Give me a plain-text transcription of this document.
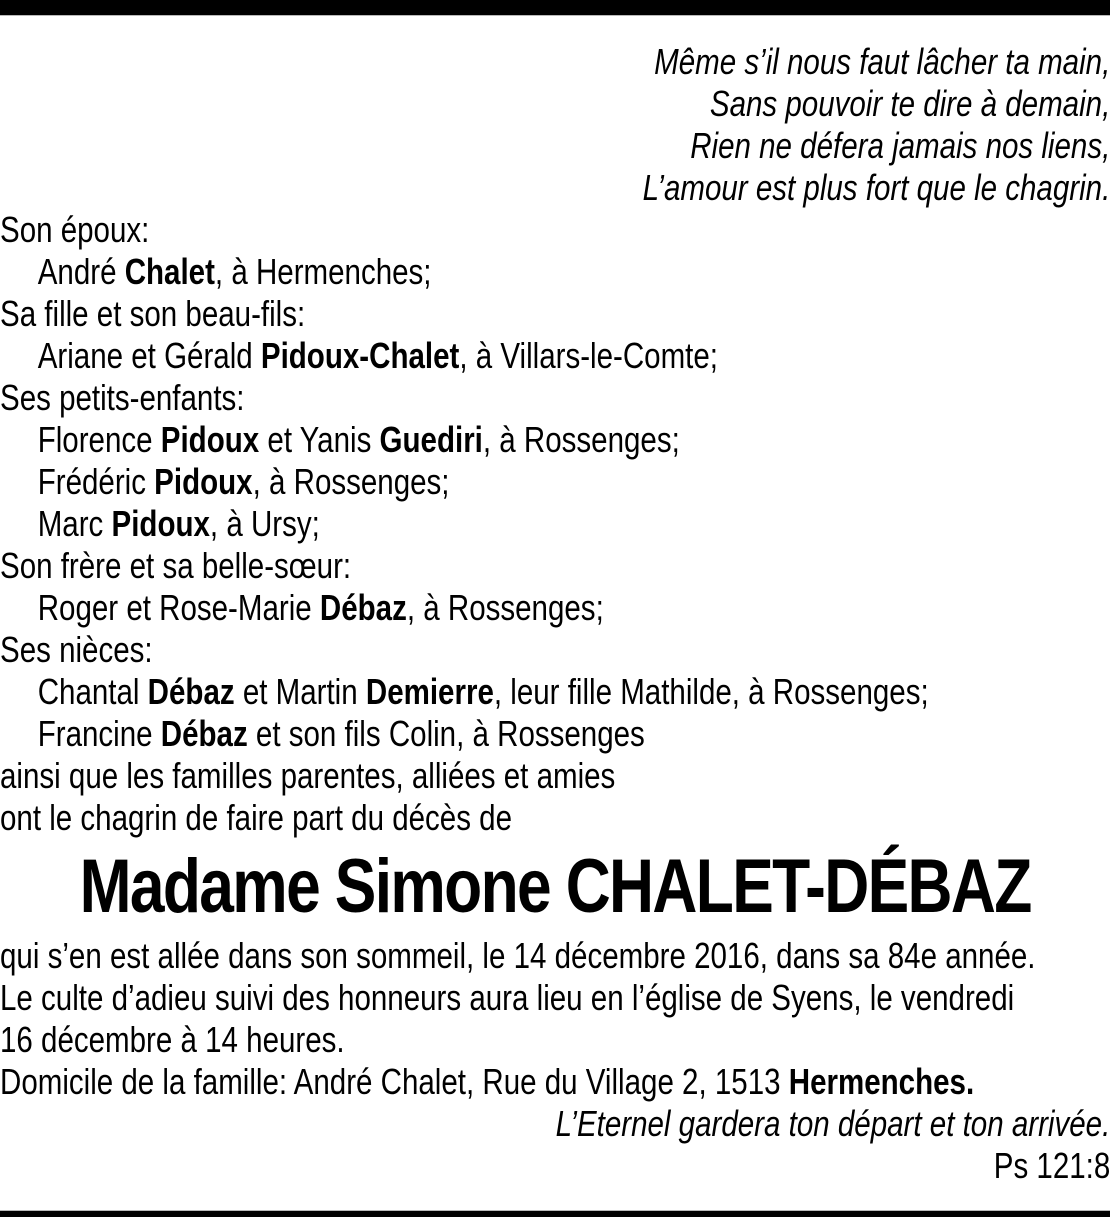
Même s’il nous faut lâcher ta main,
Sans pouvoir te dire à demain,
Rien ne défera jamais nos liens,
L’amour est plus fort que le chagrin.
Son époux:
André Chalet, à Hermenches;
Sa fille et son beau-fils:
Ariane et Gérald Pidoux-Chalet, à Villars-le-Comte;
Ses petits-enfants:
Florence Pidoux et Yanis Guediri, à Rossenges;
Frédéric Pidoux, à Rossenges;
Marc Pidoux, à Ursy;
Son frère et sa belle-sœur:
Roger et Rose-Marie Débaz, à Rossenges;
Ses nièces:
Chantal Débaz et Martin Demierre, leur fille Mathilde, à Rossenges;
Francine Débaz et son fils Colin, à Rossenges
ainsi que les familles parentes, alliées et amies
ont le chagrin de faire part du décès de
Madame Simone CHALET-DÉBAZ
qui s’en est allée dans son sommeil, le 14 décembre 2016, dans sa 84e année.
Le culte d’adieu suivi des honneurs aura lieu en l’église de Syens, le vendredi
16 décembre à 14 heures.
Domicile de la famille: André Chalet, Rue du Village 2, 1513 Hermenches.
L’Eternel gardera ton départ et ton arrivée.
Ps 121:8
